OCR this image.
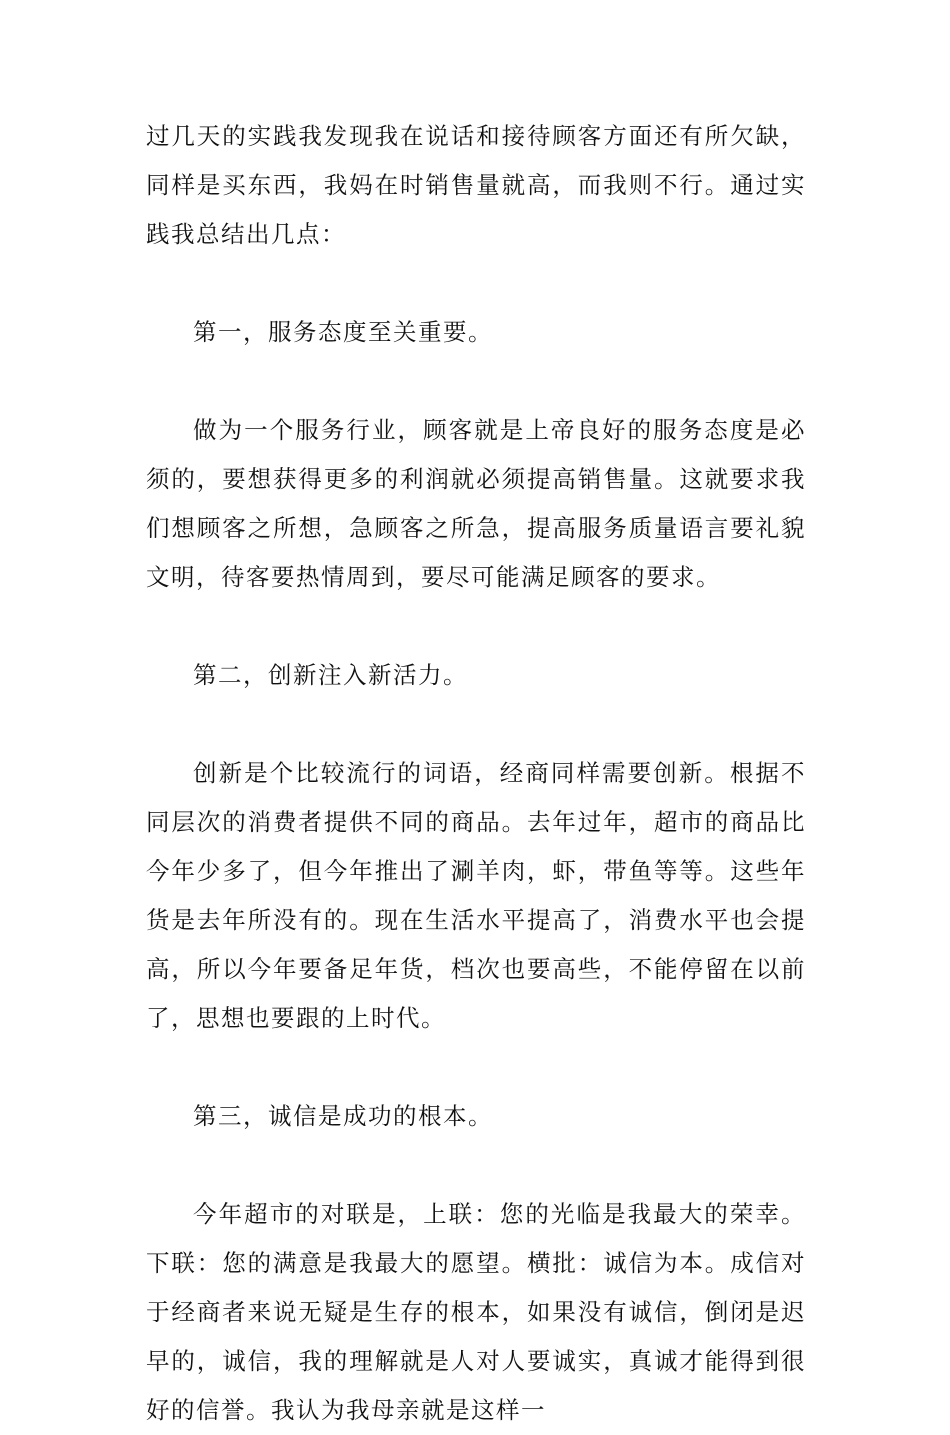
过几天的实践我发现我在说话和接待顾客方面还有所欠缺，同样是买东西，我妈在时销售量就高，而我则不行。通过实践我总结出几点：

第一，服务态度至关重要。

做为一个服务行业，顾客就是上帝良好的服务态度是必须的，要想获得更多的利润就必须提高销售量。这就要求我们想顾客之所想，急顾客之所急，提高服务质量语言要礼貌文明，待客要热情周到，要尽可能满足顾客的要求。

第二，创新注入新活力。

创新是个比较流行的词语，经商同样需要创新。根据不同层次的消费者提供不同的商品。去年过年，超市的商品比今年少多了，但今年推出了涮羊肉，虾，带鱼等等。这些年货是去年所没有的。现在生活水平提高了，消费水平也会提高，所以今年要备足年货，档次也要高些，不能停留在以前了，思想也要跟的上时代。

第三，诚信是成功的根本。

今年超市的对联是，上联：您的光临是我最大的荣幸。下联：您的满意是我最大的愿望。横批：诚信为本。成信对于经商者来说无疑是生存的根本，如果没有诚信，倒闭是迟早的，诚信，我的理解就是人对人要诚实，真诚才能得到很好的信誉。我认为我母亲就是这样一
